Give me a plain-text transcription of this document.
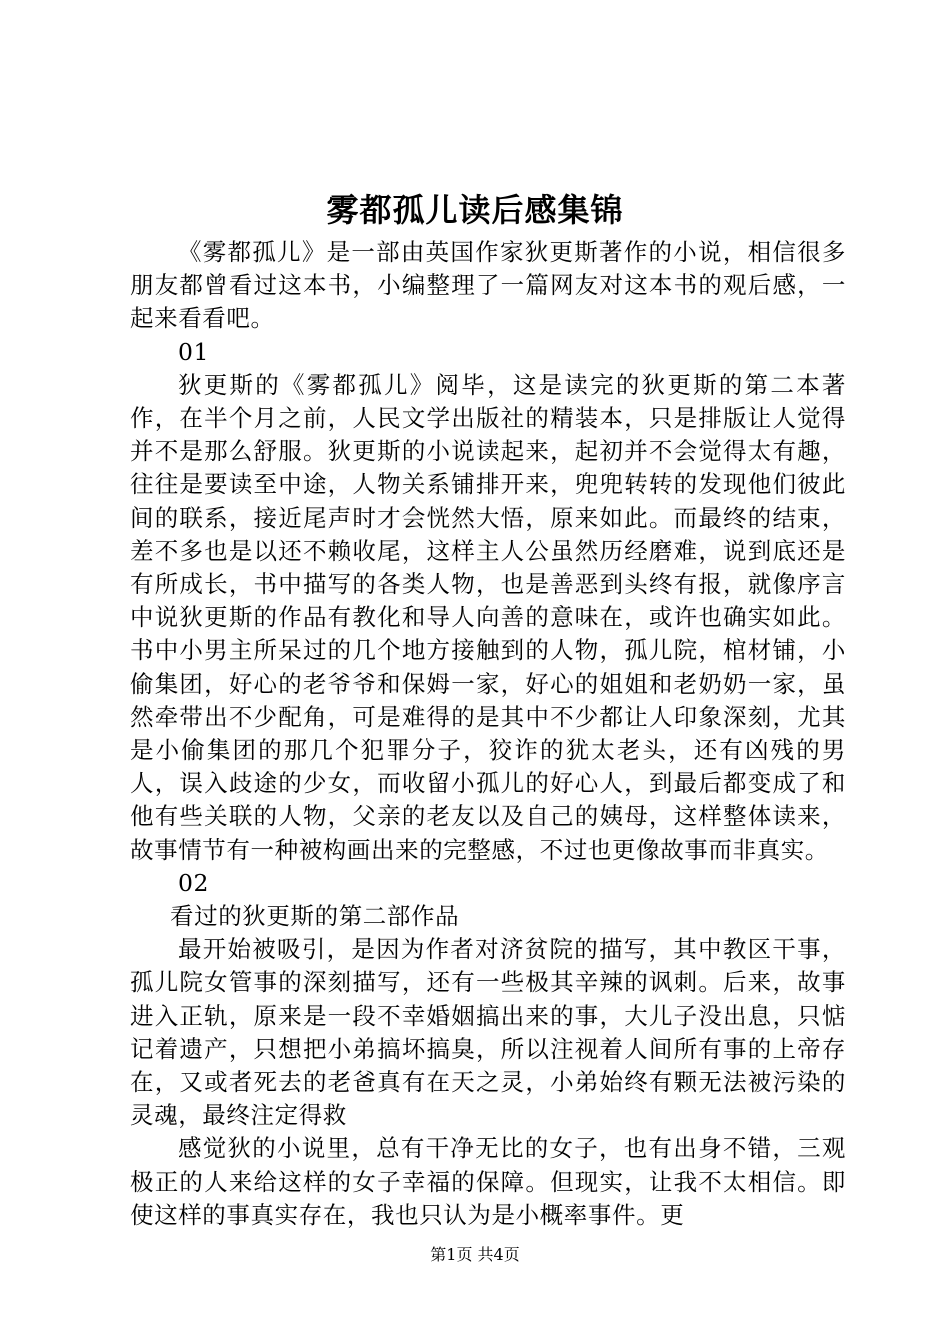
雾都孤儿读后感集锦

《雾都孤儿》是一部由英国作家狄更斯著作的小说，相信很多朋友都曾看过这本书，小编整理了一篇网友对这本书的观后感，一起来看看吧。

01

狄更斯的《雾都孤儿》阅毕，这是读完的狄更斯的第二本著作，在半个月之前，人民文学出版社的精装本，只是排版让人觉得并不是那么舒服。狄更斯的小说读起来，起初并不会觉得太有趣，往往是要读至中途，人物关系铺排开来，兜兜转转的发现他们彼此间的联系，接近尾声时才会恍然大悟，原来如此。而最终的结束，差不多也是以还不赖收尾，这样主人公虽然历经磨难，说到底还是有所成长，书中描写的各类人物，也是善恶到头终有报，就像序言中说狄更斯的作品有教化和导人向善的意味在，或许也确实如此。书中小男主所呆过的几个地方接触到的人物，孤儿院，棺材铺，小偷集团，好心的老爷爷和保姆一家，好心的姐姐和老奶奶一家，虽然牵带出不少配角，可是难得的是其中不少都让人印象深刻，尤其是小偷集团的那几个犯罪分子，狡诈的犹太老头，还有凶残的男人，误入歧途的少女，而收留小孤儿的好心人，到最后都变成了和他有些关联的人物，父亲的老友以及自己的姨母，这样整体读来，故事情节有一种被构画出来的完整感，不过也更像故事而非真实。

02

看过的狄更斯的第二部作品

最开始被吸引，是因为作者对济贫院的描写，其中教区干事，孤儿院女管事的深刻描写，还有一些极其辛辣的讽刺。后来，故事进入正轨，原来是一段不幸婚姻搞出来的事，大儿子没出息，只惦记着遗产，只想把小弟搞坏搞臭，所以注视着人间所有事的上帝存在，又或者死去的老爸真有在天之灵，小弟始终有颗无法被污染的灵魂，最终注定得救

感觉狄的小说里，总有干净无比的女子，也有出身不错，三观极正的人来给这样的女子幸福的保障。但现实，让我不太相信。即使这样的事真实存在，我也只认为是小概率事件。更

第1页 共4页
